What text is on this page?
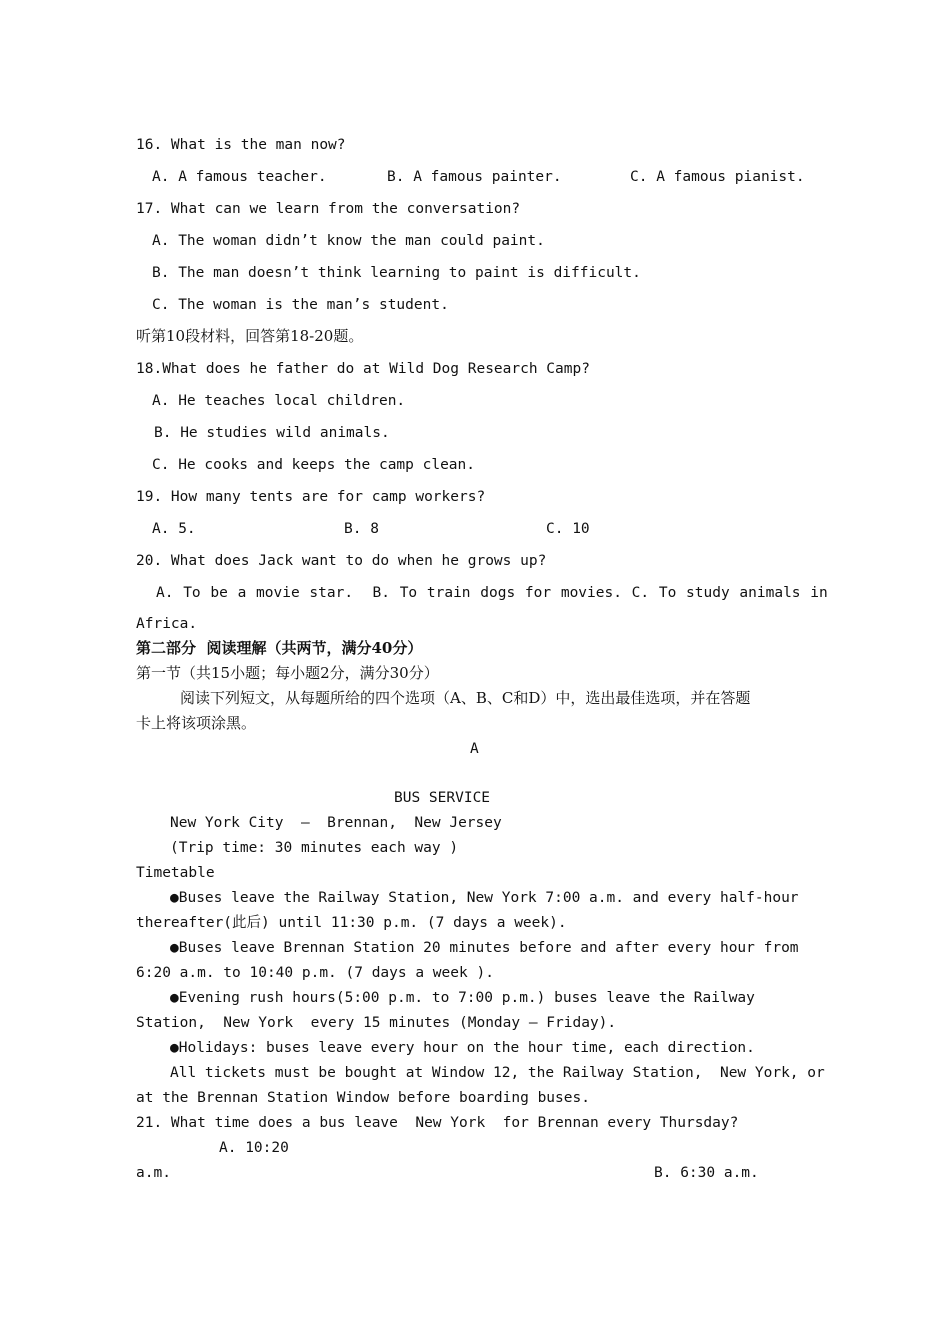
16. What is the man now?
A. A famous teacher.	B. A famous painter.	C. A famous pianist.
17. What can we learn from the conversation?
A. The woman didn’t know the man could paint.
B. The man doesn’t think learning to paint is difficult.
C. The woman is the man’s student.
听第10段材料，回答第18-20题。
18.What does he father do at Wild Dog Research Camp?
A. He teaches local children.
B. He studies wild animals.
C. He cooks and keeps the camp clean.
19. How many tents are for camp workers?
A. 5.	B. 8	C. 10
20. What does Jack want to do when he grows up?
A. To be a movie star.  B. To train dogs for movies. C. To study animals in
Africa.
第二部分  阅读理解（共两节，满分40分）
第一节（共15小题；每小题2分，满分30分）
阅读下列短文，从每题所给的四个选项（A、B、C和D）中，选出最佳选项，并在答题
卡上将该项涂黑。
A
BUS SERVICE
New York City  —  Brennan,  New Jersey
(Trip time: 30 minutes each way )
Timetable
●Buses leave the Railway Station, New York 7:00 a.m. and every half-hour
thereafter(此后) until 11:30 p.m. (7 days a week).
●Buses leave Brennan Station 20 minutes before and after every hour from
6:20 a.m. to 10:40 p.m. (7 days a week ).
●Evening rush hours(5:00 p.m. to 7:00 p.m.) buses leave the Railway
Station,  New York  every 15 minutes (Monday — Friday).
●Holidays: buses leave every hour on the hour time, each direction.
All tickets must be bought at Window 12, the Railway Station,  New York, or
at the Brennan Station Window before boarding buses.
21. What time does a bus leave  New York  for Brennan every Thursday?
A. 10:20
a.m.	B. 6:30 a.m.
